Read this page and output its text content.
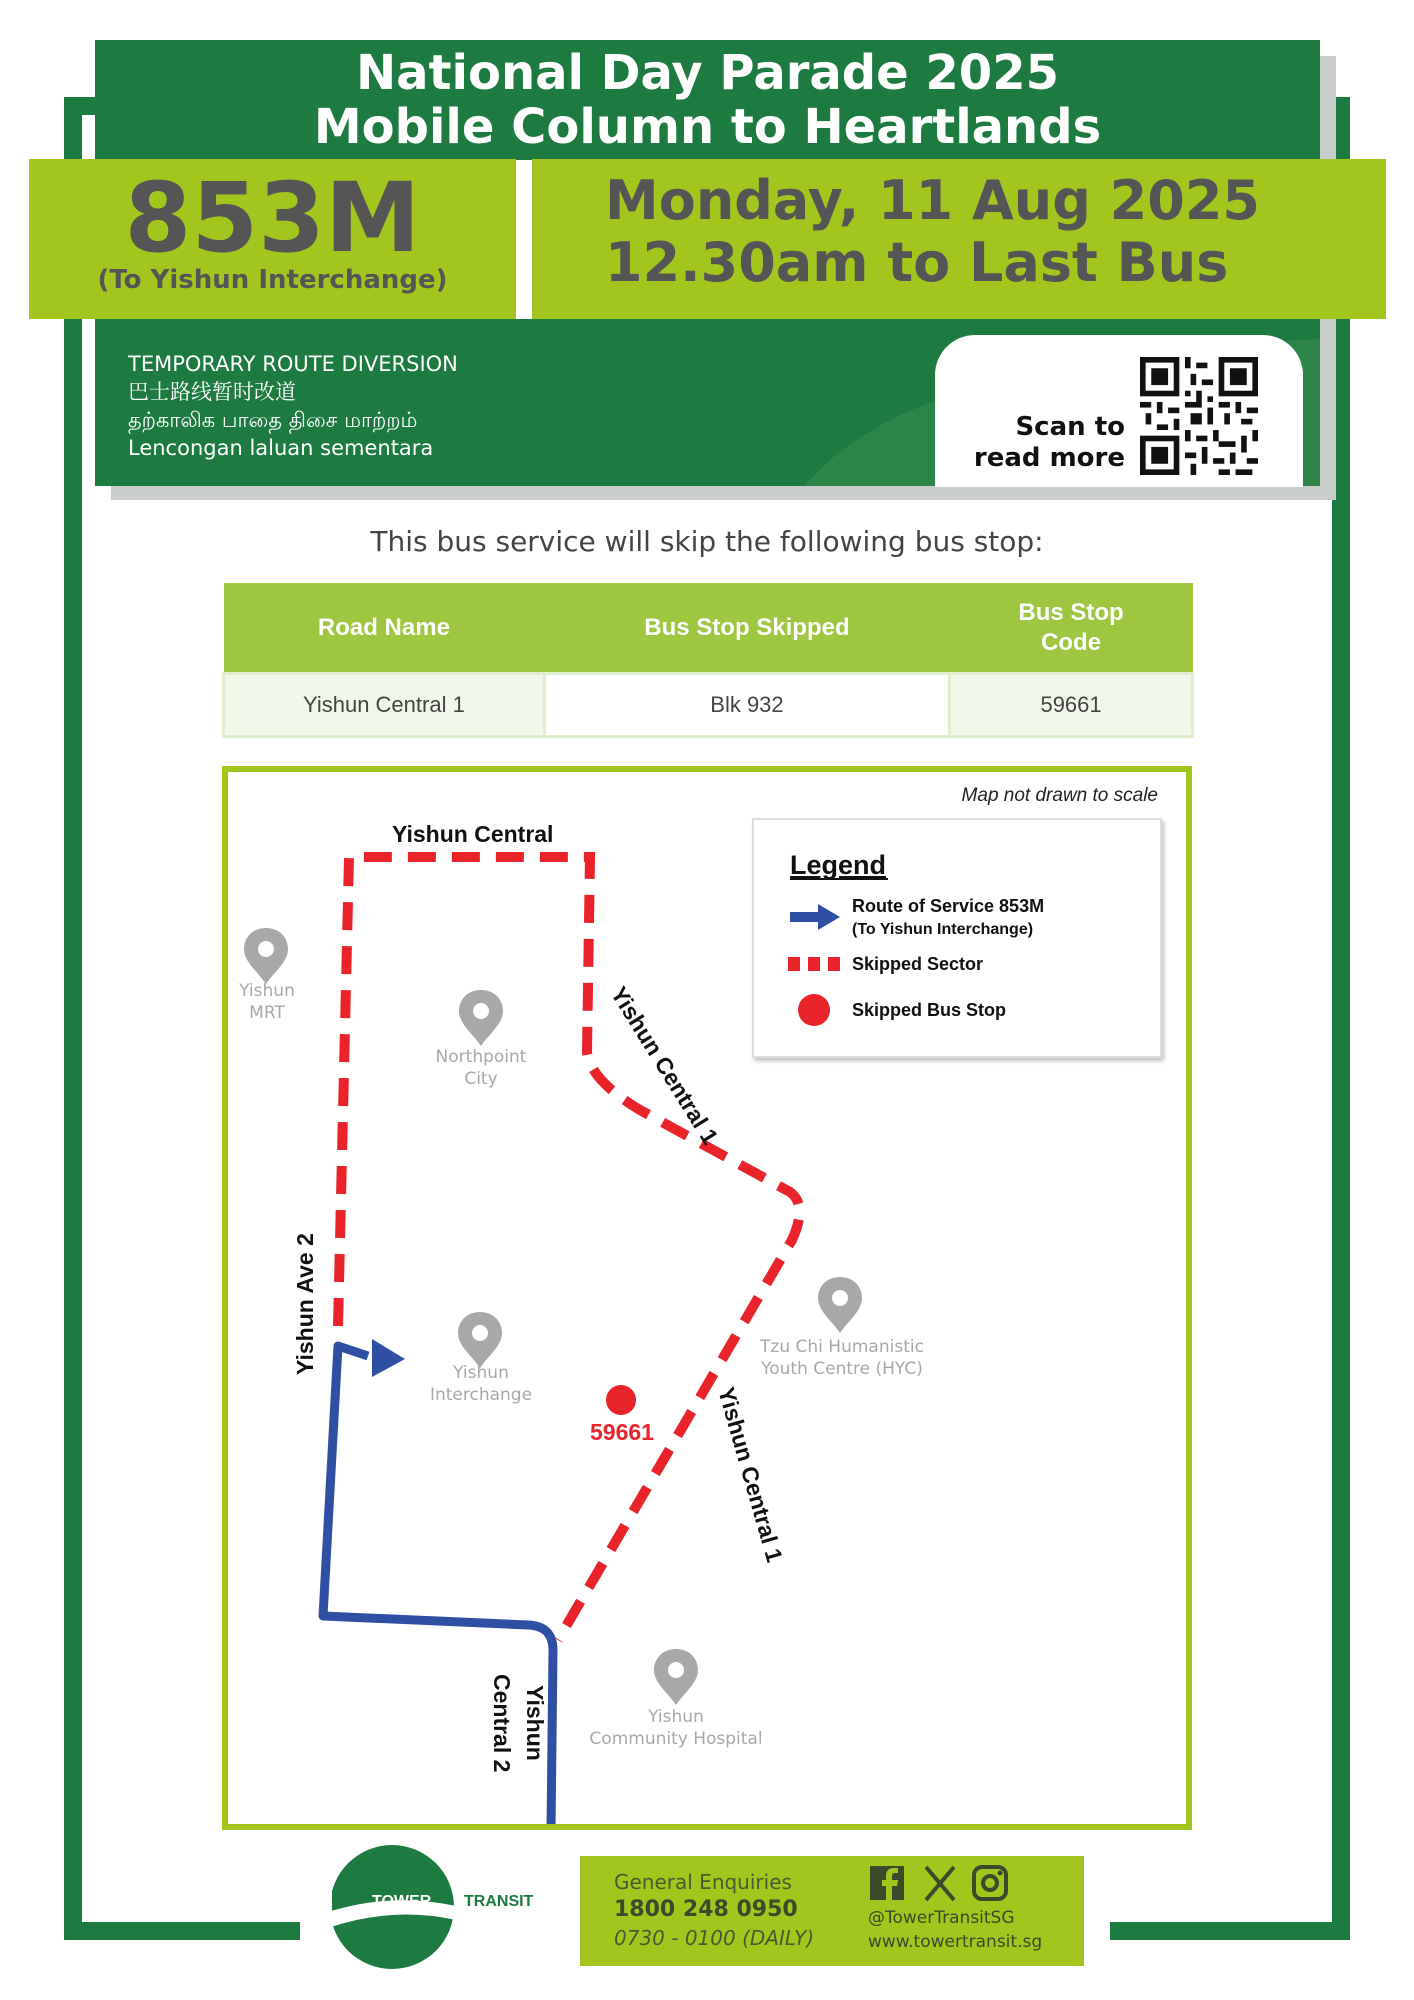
National Day Parade 2025
Mobile Column to Heartlands
853M
(To Yishun Interchange)
Monday, 11 Aug 2025
12.30am to Last Bus
TEMPORARY ROUTE DIVERSION
巴士路线暂时改道
தற்காலிக பாதை திசை மாற்றம்
Lencongan laluan sementara
Scan to
read more
This bus service will skip the following bus stop:
Road Name	Bus Stop Skipped	Bus Stop Code

Yishun Central 1	Blk 932	59661
Yishun
MRT
Northpoint
City
Yishun
Interchange
Tzu Chi Humanistic
Youth Centre (HYC)
Yishun
Community Hospital
Yishun Central
Yishun Central 1
Yishun Central 1
Yishun Ave 2
Yishun
Central 2
59661
Map not drawn to scale
Legend
Route of Service 853M
(To Yishun Interchange)
Skipped Sector
Skipped Bus Stop
TOWER TRANSIT
General Enquiries
1800 248 0950
0730 - 0100 (DAILY)
@TowerTransitSG
www.towertransit.sg
